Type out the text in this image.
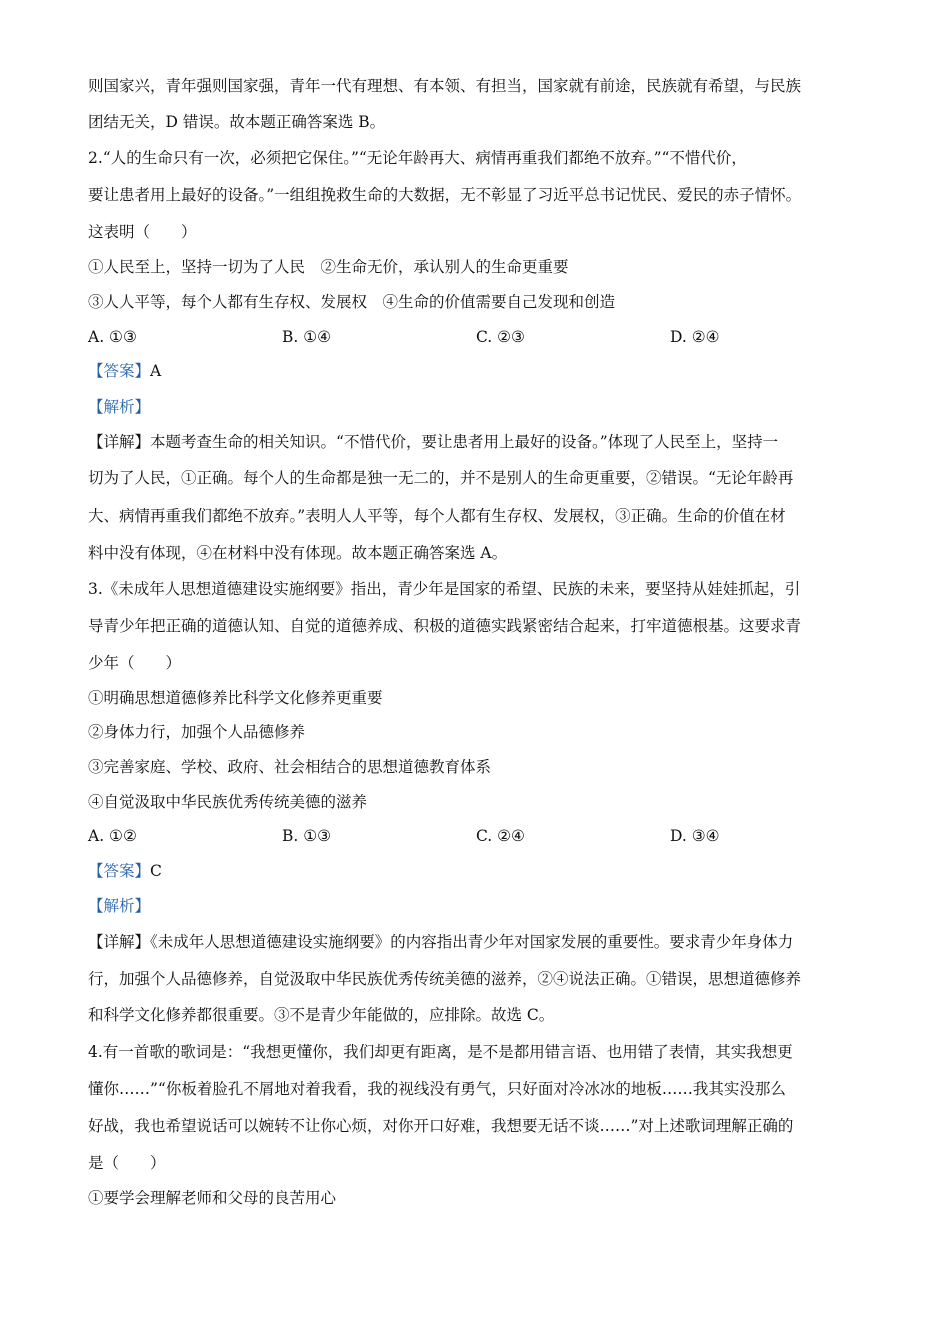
则国家兴，青年强则国家强，青年一代有理想、有本领、有担当，国家就有前途，民族就有希望，与民族
团结无关，D 错误。故本题正确答案选 B。
2.“人的生命只有一次，必须把它保住。”“无论年龄再大、病情再重我们都绝不放弃。”“不惜代价，
要让患者用上最好的设备。”一组组挽救生命的大数据，无不彰显了习近平总书记忧民、爱民的赤子情怀。
这表明（　　）
①人民至上，坚持一切为了人民　②生命无价，承认别人的生命更重要
③人人平等，每个人都有生存权、发展权　④生命的价值需要自己发现和创造
A. ①③	B. ①④	C. ②③	D. ②④
【答案】A
【解析】
【详解】本题考查生命的相关知识。“不惜代价，要让患者用上最好的设备。”体现了人民至上，坚持一
切为了人民，①正确。每个人的生命都是独一无二的，并不是别人的生命更重要，②错误。“无论年龄再
大、病情再重我们都绝不放弃。”表明人人平等，每个人都有生存权、发展权，③正确。生命的价值在材
料中没有体现，④在材料中没有体现。故本题正确答案选 A。
3.《未成年人思想道德建设实施纲要》指出，青少年是国家的希望、民族的未来，要坚持从娃娃抓起，引
导青少年把正确的道德认知、自觉的道德养成、积极的道德实践紧密结合起来，打牢道德根基。这要求青
少年（　　）
①明确思想道德修养比科学文化修养更重要
②身体力行，加强个人品德修养
③完善家庭、学校、政府、社会相结合的思想道德教育体系
④自觉汲取中华民族优秀传统美德的滋养
A. ①②	B. ①③	C. ②④	D. ③④
【答案】C
【解析】
【详解】《未成年人思想道德建设实施纲要》的内容指出青少年对国家发展的重要性。要求青少年身体力
行，加强个人品德修养，自觉汲取中华民族优秀传统美德的滋养，②④说法正确。①错误，思想道德修养
和科学文化修养都很重要。③不是青少年能做的，应排除。故选 C。
4.有一首歌的歌词是：“我想更懂你，我们却更有距离，是不是都用错言语、也用错了表情，其实我想更
懂你……”“你板着脸孔不屑地对着我看，我的视线没有勇气，只好面对冷冰冰的地板……我其实没那么
好战，我也希望说话可以婉转不让你心烦，对你开口好难，我想要无话不谈……”对上述歌词理解正确的
是（　　）
①要学会理解老师和父母的良苦用心
